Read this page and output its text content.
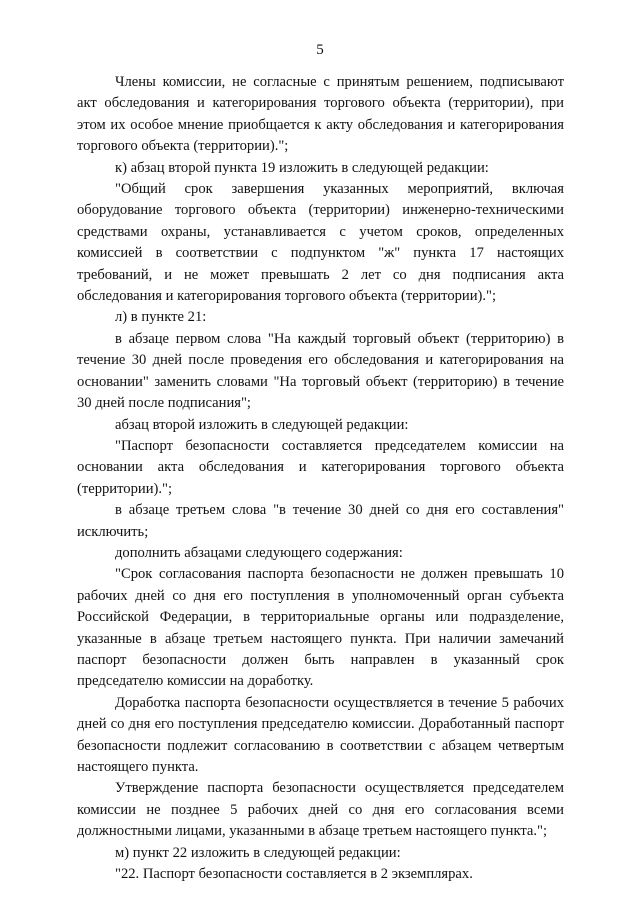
5

Члены комиссии, не согласные с принятым решением, подписывают акт обследования и категорирования торгового объекта (территории), при этом их особое мнение приобщается к акту обследования и категорирования торгового объекта (территории).";

к) абзац второй пункта 19 изложить в следующей редакции:

"Общий срок завершения указанных мероприятий, включая оборудование торгового объекта (территории) инженерно-техническими средствами охраны, устанавливается с учетом сроков, определенных комиссией в соответствии с подпунктом "ж" пункта 17 настоящих требований, и не может превышать 2 лет со дня подписания акта обследования и категорирования торгового объекта (территории).";

л) в пункте 21:

в абзаце первом слова "На каждый торговый объект (территорию) в течение 30 дней после проведения его обследования и категорирования на основании" заменить словами "На торговый объект (территорию) в течение 30 дней после подписания";

абзац второй изложить в следующей редакции:

"Паспорт безопасности составляется председателем комиссии на основании акта обследования и категорирования торгового объекта (территории).";

в абзаце третьем слова "в течение 30 дней со дня его составления" исключить;

дополнить абзацами следующего содержания:

"Срок согласования паспорта безопасности не должен превышать 10 рабочих дней со дня его поступления в уполномоченный орган субъекта Российской Федерации, в территориальные органы или подразделение, указанные в абзаце третьем настоящего пункта. При наличии замечаний паспорт безопасности должен быть направлен в указанный срок председателю комиссии на доработку.

Доработка паспорта безопасности осуществляется в течение 5 рабочих дней со дня его поступления председателю комиссии. Доработанный паспорт безопасности подлежит согласованию в соответствии с абзацем четвертым настоящего пункта.

Утверждение паспорта безопасности осуществляется председателем комиссии не позднее 5 рабочих дней со дня его согласования всеми должностными лицами, указанными в абзаце третьем настоящего пункта.";

м) пункт 22 изложить в следующей редакции:

"22. Паспорт безопасности составляется в 2 экземплярах.
